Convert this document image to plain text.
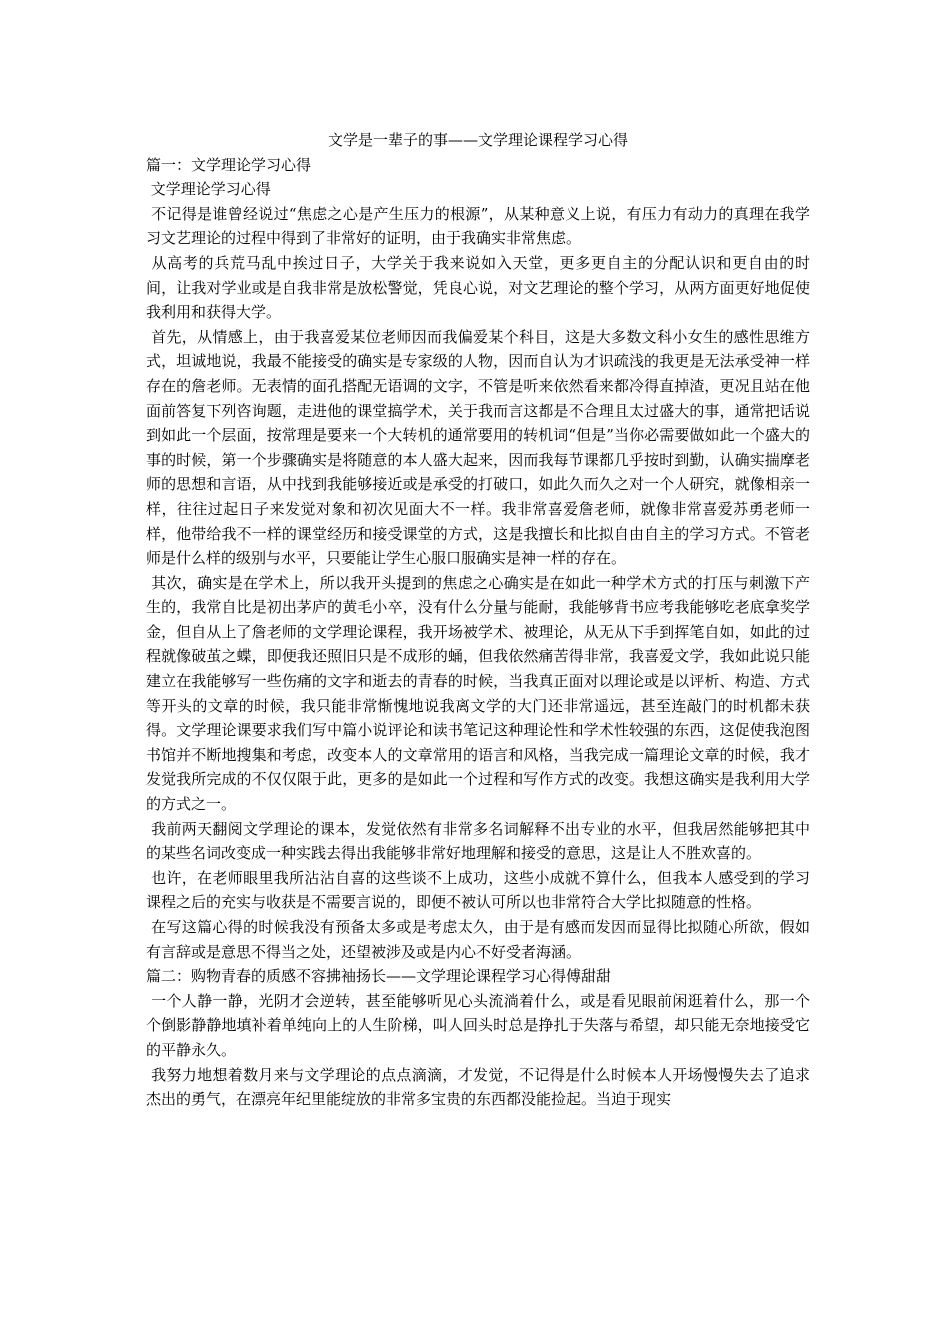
文学是一辈子的事——文学理论课程学习心得

篇一：文学理论学习心得

文学理论学习心得

不记得是谁曾经说过“焦虑之心是产生压力的根源”，从某种意义上说，有压力有动力的真理在我学习文艺理论的过程中得到了非常好的证明，由于我确实非常焦虑。

从高考的兵荒马乱中挨过日子，大学关于我来说如入天堂，更多更自主的分配认识和更自由的时间，让我对学业或是自我非常是放松警觉，凭良心说，对文艺理论的整个学习，从两方面更好地促使我利用和获得大学。

首先，从情感上，由于我喜爱某位老师因而我偏爱某个科目，这是大多数文科小女生的感性思维方式，坦诚地说，我最不能接受的确实是专家级的人物，因而自认为才识疏浅的我更是无法承受神一样存在的詹老师。无表情的面孔搭配无语调的文字，不管是听来依然看来都冷得直掉渣，更况且站在他面前答复下列咨询题，走进他的课堂搞学术，关于我而言这都是不合理且太过盛大的事，通常把话说到如此一个层面，按常理是要来一个大转机的通常要用的转机词“但是”当你必需要做如此一个盛大的事的时候，第一个步骤确实是将随意的本人盛大起来，因而我每节课都几乎按时到勤，认确实揣摩老师的思想和言语，从中找到我能够接近或是承受的打破口，如此久而久之对一个人研究，就像相亲一样，往往过起日子来发觉对象和初次见面大不一样。我非常喜爱詹老师，就像非常喜爱苏勇老师一样，他带给我不一样的课堂经历和接受课堂的方式，这是我擅长和比拟自由自主的学习方式。不管老师是什么样的级别与水平，只要能让学生心服口服确实是神一样的存在。

其次，确实是在学术上，所以我开头提到的焦虑之心确实是在如此一种学术方式的打压与刺激下产生的，我常自比是初出茅庐的黄毛小卒，没有什么分量与能耐，我能够背书应考我能够吃老底拿奖学金，但自从上了詹老师的文学理论课程，我开场被学术、被理论，从无从下手到挥笔自如，如此的过程就像破茧之蝶，即便我还照旧只是不成形的蛹，但我依然痛苦得非常，我喜爱文学，我如此说只能建立在我能够写一些伤痛的文字和逝去的青春的时候，当我真正面对以理论或是以评析、构造、方式等开头的文章的时候，我只能非常惭愧地说我离文学的大门还非常遥远，甚至连敲门的时机都未获得。文学理论课要求我们写中篇小说评论和读书笔记这种理论性和学术性较强的东西，这促使我泡图书馆并不断地搜集和考虑，改变本人的文章常用的语言和风格，当我完成一篇理论文章的时候，我才发觉我所完成的不仅仅限于此，更多的是如此一个过程和写作方式的改变。我想这确实是我利用大学的方式之一。

我前两天翻阅文学理论的课本，发觉依然有非常多名词解释不出专业的水平，但我居然能够把其中的某些名词改变成一种实践去得出我能够非常好地理解和接受的意思，这是让人不胜欢喜的。

也许，在老师眼里我所沾沾自喜的这些谈不上成功，这些小成就不算什么，但我本人感受到的学习课程之后的充实与收获是不需要言说的，即便不被认可所以也非常符合大学比拟随意的性格。

在写这篇心得的时候我没有预备太多或是考虑太久，由于是有感而发因而显得比拟随心所欲，假如有言辞或是意思不得当之处，还望被涉及或是内心不好受者海涵。

篇二：购物青春的质感不容拂袖扬长——文学理论课程学习心得傅甜甜

一个人静一静，光阴才会逆转，甚至能够听见心头流淌着什么，或是看见眼前闲逛着什么，那一个个倒影静静地填补着单纯向上的人生阶梯，叫人回头时总是挣扎于失落与希望，却只能无奈地接受它的平静永久。

我努力地想着数月来与文学理论的点点滴滴，才发觉，不记得是什么时候本人开场慢慢失去了追求杰出的勇气，在漂亮年纪里能绽放的非常多宝贵的东西都没能捡起。当迫于现实
